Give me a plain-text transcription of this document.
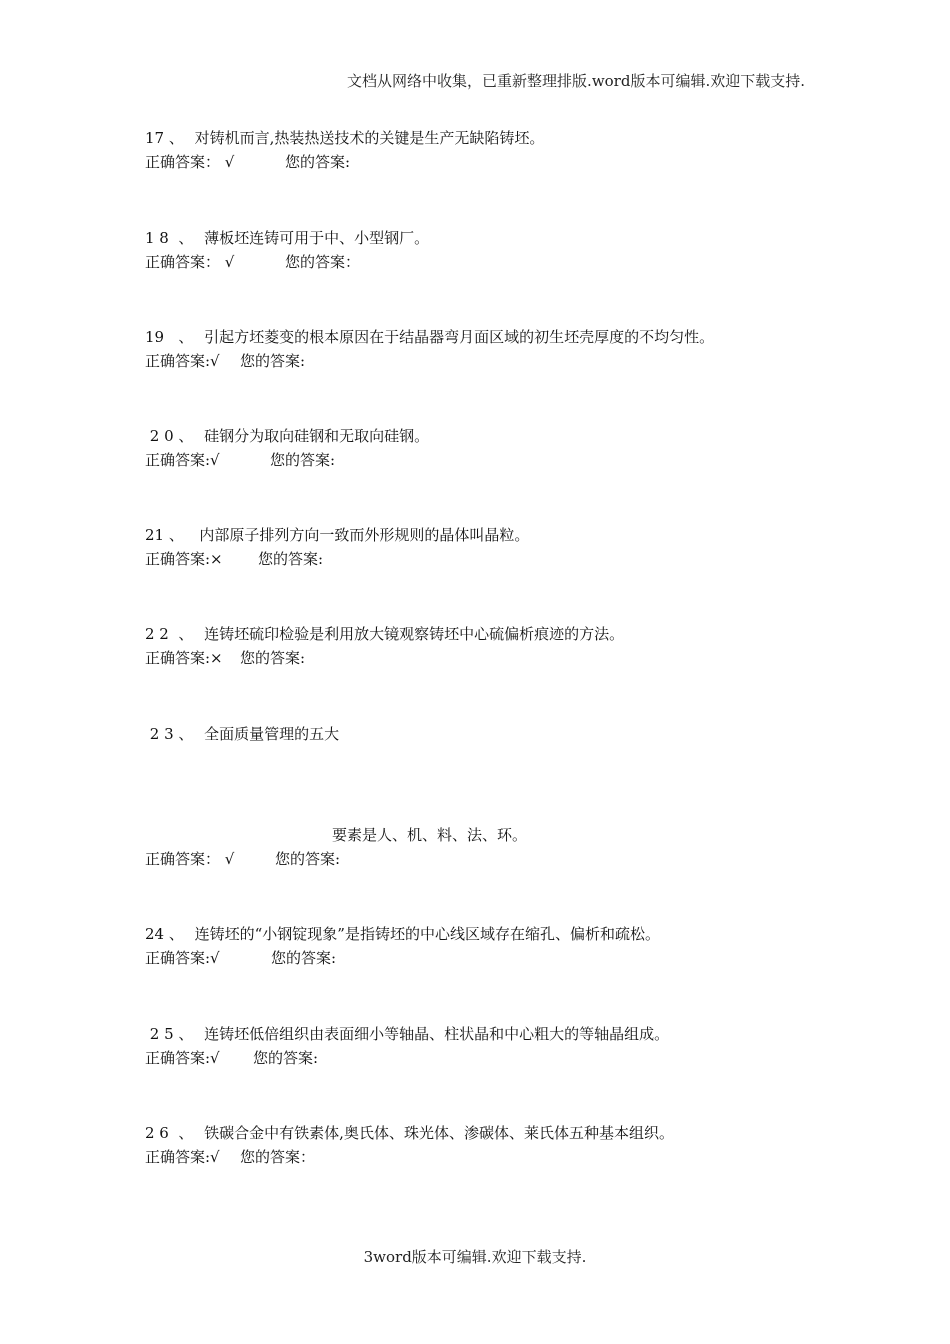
文档从网络中收集，已重新整理排版.word版本可编辑.欢迎下载支持.
17 、 对铸机而言,热装热送技术的关键是生产无缺陷铸坯。
正确答案： √	您的答案:
1 8  、 薄板坯连铸可用于中、小型钢厂。
正确答案： √	您的答案：
19   、 引起方坯菱变的根本原因在于结晶器弯月面区域的初生坯壳厚度的不均匀性。
正确答案:√ 您的答案:
2 0 、 硅钢分为取向硅钢和无取向硅钢。
正确答案:√	您的答案:
21 、  内部原子排列方向一致而外形规则的晶体叫晶粒。
正确答案:× 您的答案:
2 2  、 连铸坯硫印检验是利用放大镜观察铸坯中心硫偏析痕迹的方法。
正确答案:× 您的答案:
2 3 、 全面质量管理的五大
要素是人、机、料、法、环。
正确答案： √	您的答案:
24 、 连铸坯的“小钢锭现象”是指铸坯的中心线区域存在缩孔、偏析和疏松。
正确答案:√	您的答案:
2 5 、 连铸坯低倍组织由表面细小等轴晶、柱状晶和中心粗大的等轴晶组成。
正确答案:√ 您的答案:
2 6  、 铁碳合金中有铁素体,奥氏体、珠光体、渗碳体、莱氏体五种基本组织。
正确答案:√ 您的答案：
3word版本可编辑.欢迎下载支持.
